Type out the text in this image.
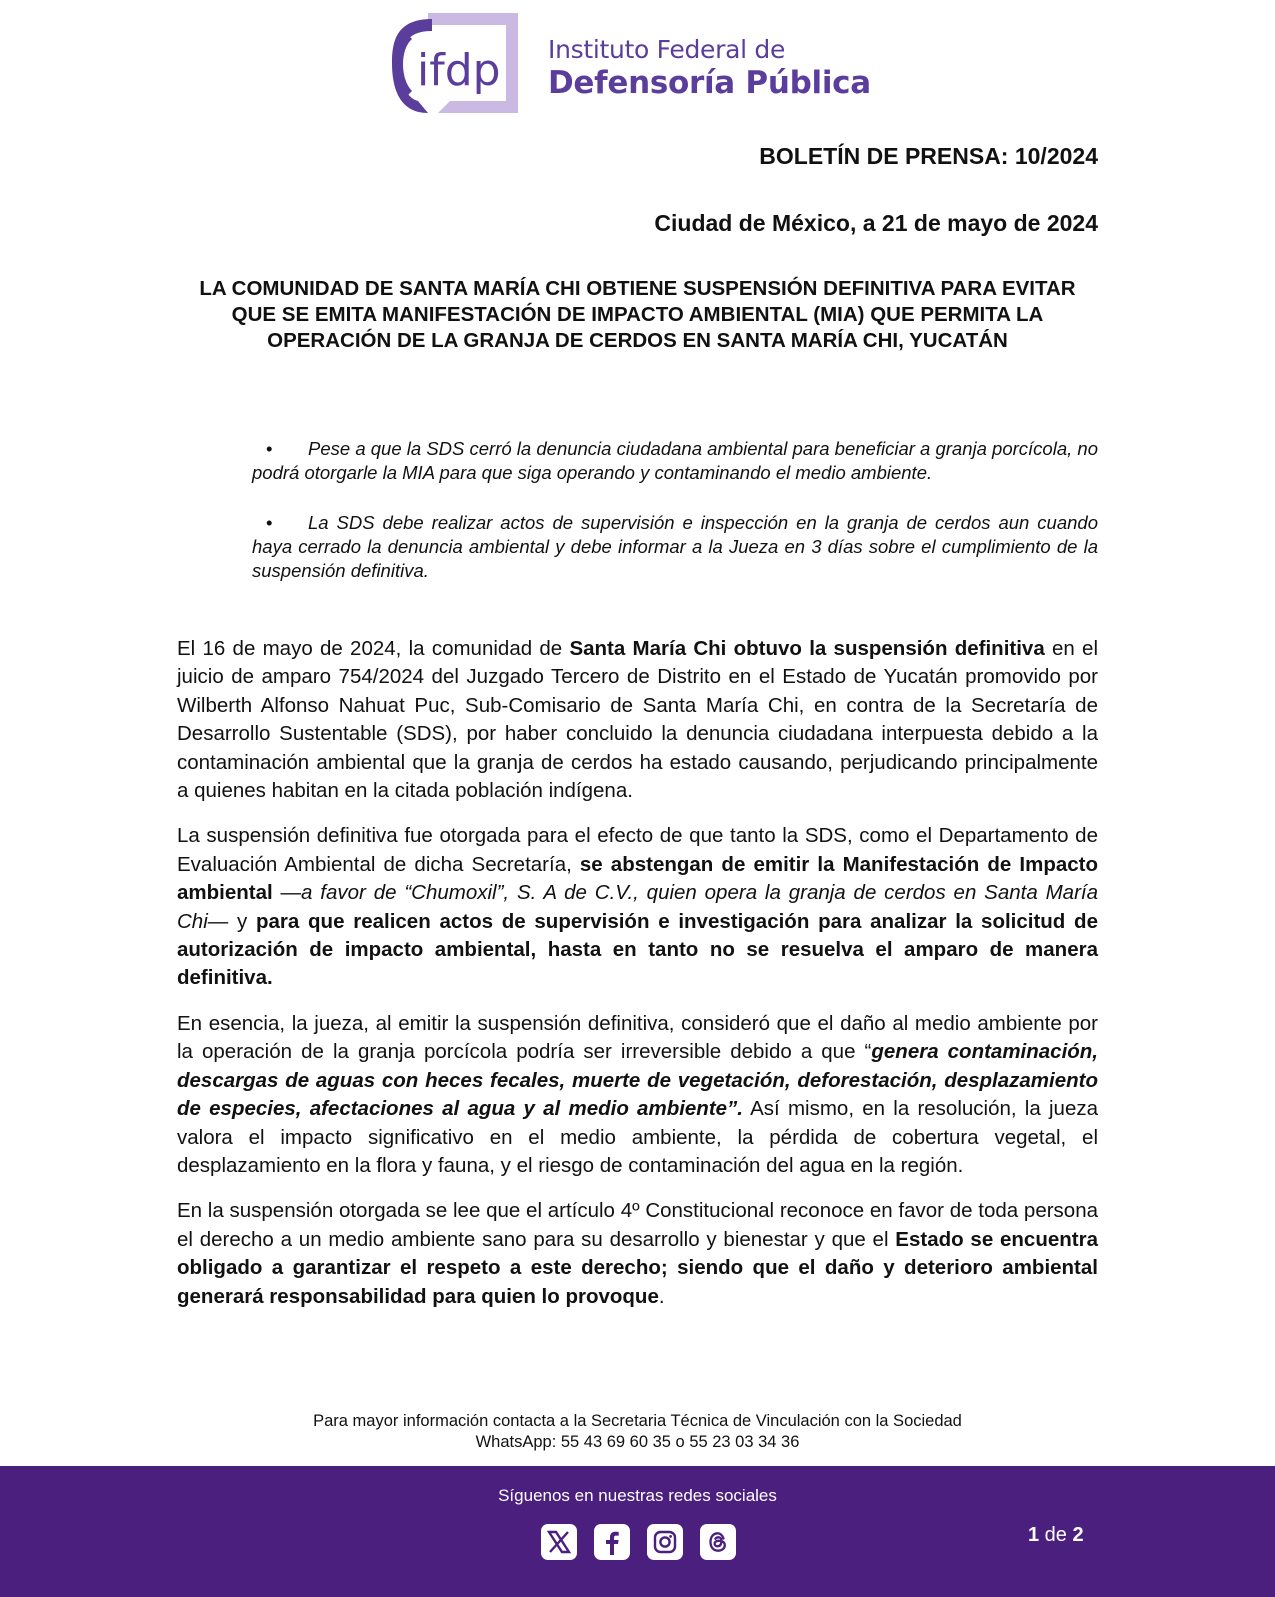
ifdp Instituto Federal de
Defensoría Pública
BOLETÍN DE PRENSA: 10/2024
Ciudad de México, a 21 de mayo de 2024
LA COMUNIDAD DE SANTA MARÍA CHI OBTIENE SUSPENSIÓN DEFINITIVA PARA EVITAR QUE SE EMITA MANIFESTACIÓN DE IMPACTO AMBIENTAL (MIA) QUE PERMITA LA OPERACIÓN DE LA GRANJA DE CERDOS EN SANTA MARÍA CHI, YUCATÁN
• Pese a que la SDS cerró la denuncia ciudadana ambiental para beneficiar a granja porcícola, no podrá otorgarle la MIA para que siga operando y contaminando el medio ambiente.
• La SDS debe realizar actos de supervisión e inspección en la granja de cerdos aun cuando haya cerrado la denuncia ambiental y debe informar a la Jueza en 3 días sobre el cumplimiento de la suspensión definitiva.

El 16 de mayo de 2024, la comunidad de Santa María Chi obtuvo la suspensión definitiva en el juicio de amparo 754/2024 del Juzgado Tercero de Distrito en el Estado de Yucatán promovido por Wilberth Alfonso Nahuat Puc, Sub-Comisario de Santa María Chi, en contra de la Secretaría de Desarrollo Sustentable (SDS), por haber concluido la denuncia ciudadana interpuesta debido a la contaminación ambiental que la granja de cerdos ha estado causando, perjudicando principalmente a quienes habitan en la citada población indígena.

La suspensión definitiva fue otorgada para el efecto de que tanto la SDS, como el Departamento de Evaluación Ambiental de dicha Secretaría, se abstengan de emitir la Manifestación de Impacto ambiental —a favor de “Chumoxil”, S. A de C.V., quien opera la granja de cerdos en Santa María Chi— y para que realicen actos de supervisión e investigación para analizar la solicitud de autorización de impacto ambiental, hasta en tanto no se resuelva el amparo de manera definitiva.

En esencia, la jueza, al emitir la suspensión definitiva, consideró que el daño al medio ambiente por la operación de la granja porcícola podría ser irreversible debido a que “genera contaminación, descargas de aguas con heces fecales, muerte de vegetación, deforestación, desplazamiento de especies, afectaciones al agua y al medio ambiente”. Así mismo, en la resolución, la jueza valora el impacto significativo en el medio ambiente, la pérdida de cobertura vegetal, el desplazamiento en la flora y fauna, y el riesgo de contaminación del agua en la región.

En la suspensión otorgada se lee que el artículo 4º Constitucional reconoce en favor de toda persona el derecho a un medio ambiente sano para su desarrollo y bienestar y que el Estado se encuentra obligado a garantizar el respeto a este derecho; siendo que el daño y deterioro ambiental generará responsabilidad para quien lo provoque.

Para mayor información contacta a la Secretaria Técnica de Vinculación con la Sociedad
WhatsApp: 55 43 69 60 35 o 55 23 03 34 36
Síguenos en nuestras redes sociales
1 de 2
